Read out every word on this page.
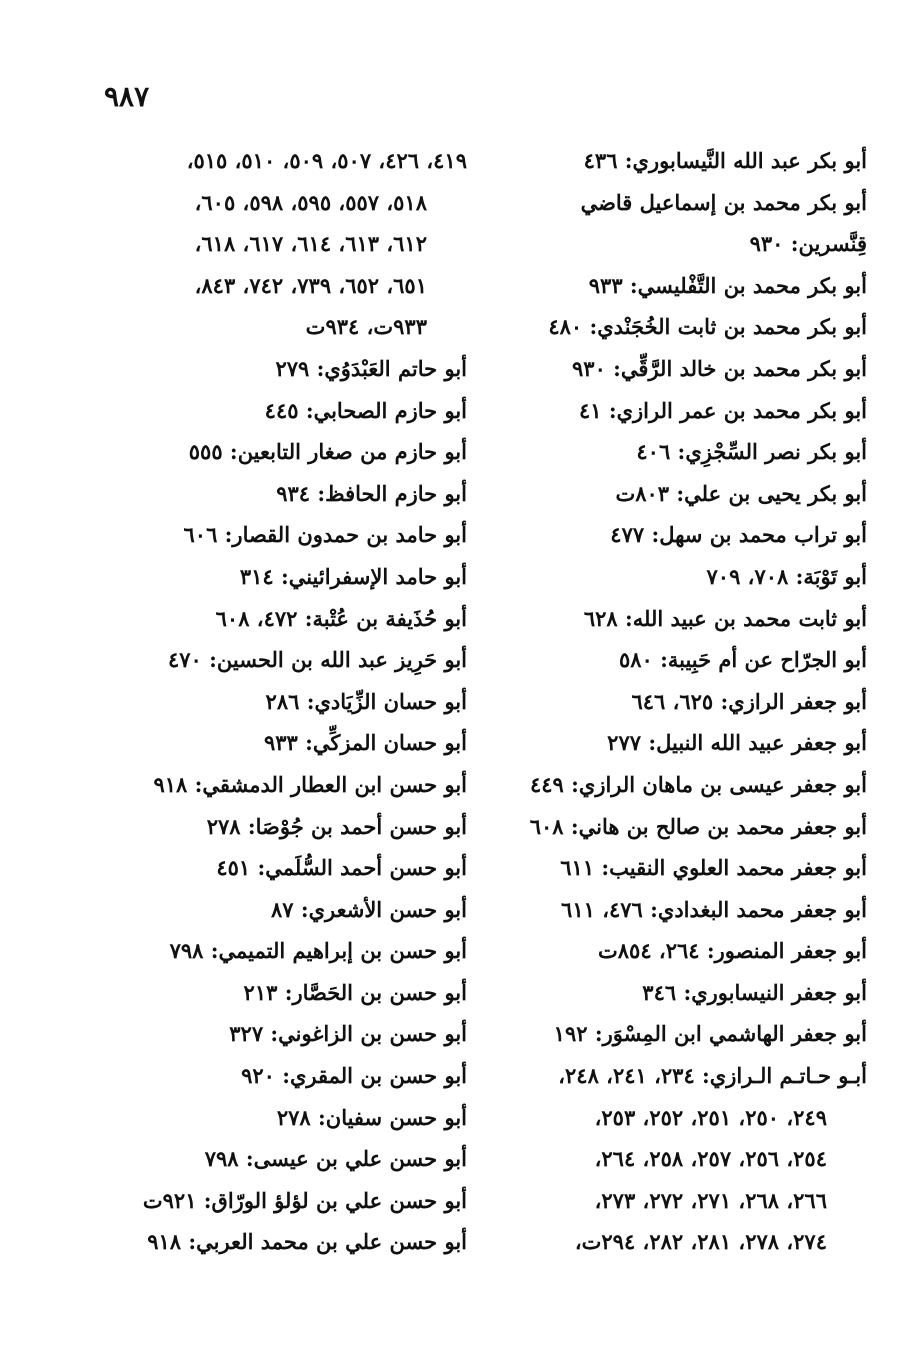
٩٨٧
أبو بكر عبد الله النَّيسابوري: ٤٣٦
أبو بكر محمد بن إسماعيل قاضي قِنَّسرين: ٩٣٠
أبو بكر محمد بن التَّفْليسي: ٩٣٣
أبو بكر محمد بن ثابت الخُجَنْدي: ٤٨٠
أبو بكر محمد بن خالد الرَّقِّي: ٩٣٠
أبو بكر محمد بن عمر الرازي: ٤١
أبو بكر نصر السِّجْزِي: ٤٠٦
أبو بكر يحيى بن علي: ٨٠٣ت
أبو تراب محمد بن سهل: ٤٧٧
أبو تَوْبَة: ٧٠٨، ٧٠٩
أبو ثابت محمد بن عبيد الله: ٦٢٨
أبو الجرّاح عن أم حَبِيبة: ٥٨٠
أبو جعفر الرازي: ٦٢٥، ٦٤٦
أبو جعفر عبيد الله النبيل: ٢٧٧
أبو جعفر عيسى بن ماهان الرازي: ٤٤٩
أبو جعفر محمد بن صالح بن هاني: ٦٠٨
أبو جعفر محمد العلوي النقيب: ٦١١
أبو جعفر محمد البغدادي: ٤٧٦، ٦١١
أبو جعفر المنصور: ٢٦٤، ٨٥٤ت
أبو جعفر النيسابوري: ٣٤٦
أبو جعفر الهاشمي ابن المِسْوَر: ١٩٢
أبـو حـاتـم الـرازي: ٢٣٤، ٢٤١، ٢٤٨،
٢٤٩، ٢٥٠، ٢٥١، ٢٥٢، ٢٥٣،
٢٥٤، ٢٥٦، ٢٥٧، ٢٥٨، ٢٦٤،
٢٦٦، ٢٦٨، ٢٧١، ٢٧٢، ٢٧٣،
٢٧٤، ٢٧٨، ٢٨١، ٢٨٢، ٢٩٤ت،
٤١٩، ٤٢٦، ٥٠٧، ٥٠٩، ٥١٠، ٥١٥،
٥١٨، ٥٥٧، ٥٩٥، ٥٩٨، ٦٠٥،
٦١٢، ٦١٣، ٦١٤، ٦١٧، ٦١٨،
٦٥١، ٦٥٢، ٧٣٩، ٧٤٢، ٨٤٣،
٩٣٣ت، ٩٣٤ت
أبو حاتم العَبْدَوُي: ٢٧٩
أبو حازم الصحابي: ٤٤٥
أبو حازم من صغار التابعين: ٥٥٥
أبو حازم الحافظ: ٩٣٤
أبو حامد بن حمدون القصار: ٦٠٦
أبو حامد الإسفرائيني: ٣١٤
أبو حُذَيفة بن عُتْبة: ٤٧٢، ٦٠٨
أبو حَرِيز عبد الله بن الحسين: ٤٧٠
أبو حسان الزِّيَادي: ٢٨٦
أبو حسان المزكِّي: ٩٣٣
أبو حسن ابن العطار الدمشقي: ٩١٨
أبو حسن أحمد بن جُوْصَا: ٢٧٨
أبو حسن أحمد السُّلَمي: ٤٥١
أبو حسن الأشعري: ٨٧
أبو حسن بن إبراهيم التميمي: ٧٩٨
أبو حسن بن الحَصَّار: ٢١٣
أبو حسن بن الزاغوني: ٣٢٧
أبو حسن بن المقري: ٩٢٠
أبو حسن سفيان: ٢٧٨
أبو حسن علي بن عيسى: ٧٩٨
أبو حسن علي بن لؤلؤ الورّاق: ٩٢١ت
أبو حسن علي بن محمد العربي: ٩١٨
